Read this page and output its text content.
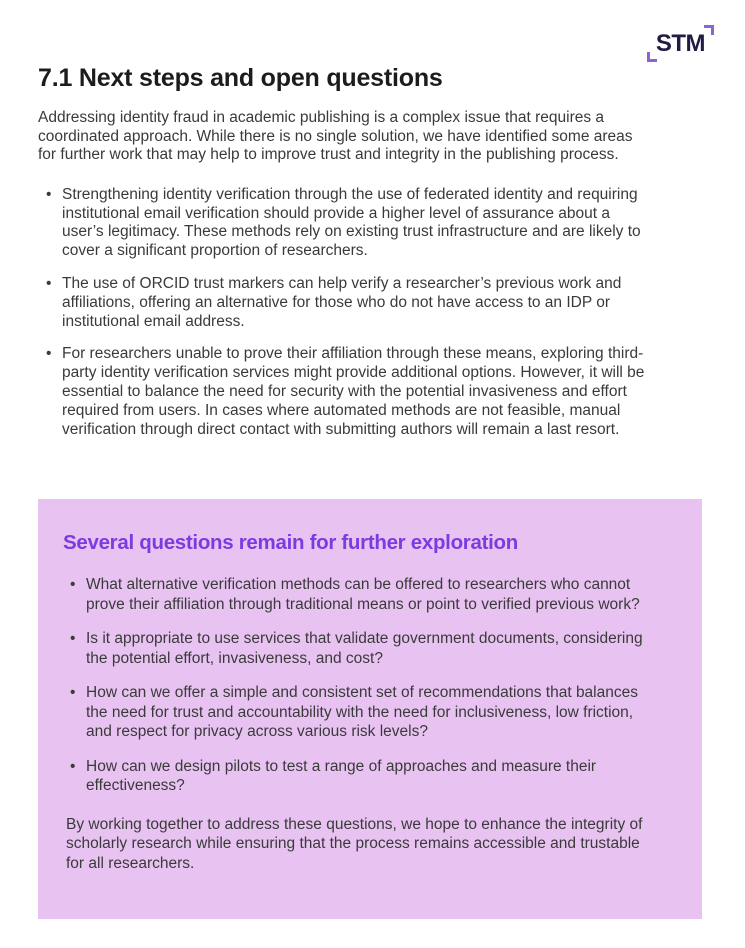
STM
7.1 Next steps and open questions

Addressing identity fraud in academic publishing is a complex issue that requires a coordinated approach. While there is no single solution, we have identified some areas for further work that may help to improve trust and integrity in the publishing process.

• Strengthening identity verification through the use of federated identity and requiring institutional email verification should provide a higher level of assurance about a user’s legitimacy. These methods rely on existing trust infrastructure and are likely to cover a significant proportion of researchers.
• The use of ORCID trust markers can help verify a researcher’s previous work and affiliations, offering an alternative for those who do not have access to an IDP or institutional email address.
• For researchers unable to prove their affiliation through these means, exploring third-party identity verification services might provide additional options. However, it will be essential to balance the need for security with the potential invasiveness and effort required from users. In cases where automated methods are not feasible, manual verification through direct contact with submitting authors will remain a last resort.
Several questions remain for further exploration
• What alternative verification methods can be offered to researchers who cannot prove their affiliation through traditional means or point to verified previous work?
• Is it appropriate to use services that validate government documents, considering the potential effort, invasiveness, and cost?
• How can we offer a simple and consistent set of recommendations that balances the need for trust and accountability with the need for inclusiveness, low friction, and respect for privacy across various risk levels?
• How can we design pilots to test a range of approaches and measure their effectiveness?

By working together to address these questions, we hope to enhance the integrity of scholarly research while ensuring that the process remains accessible and trustable for all researchers.
